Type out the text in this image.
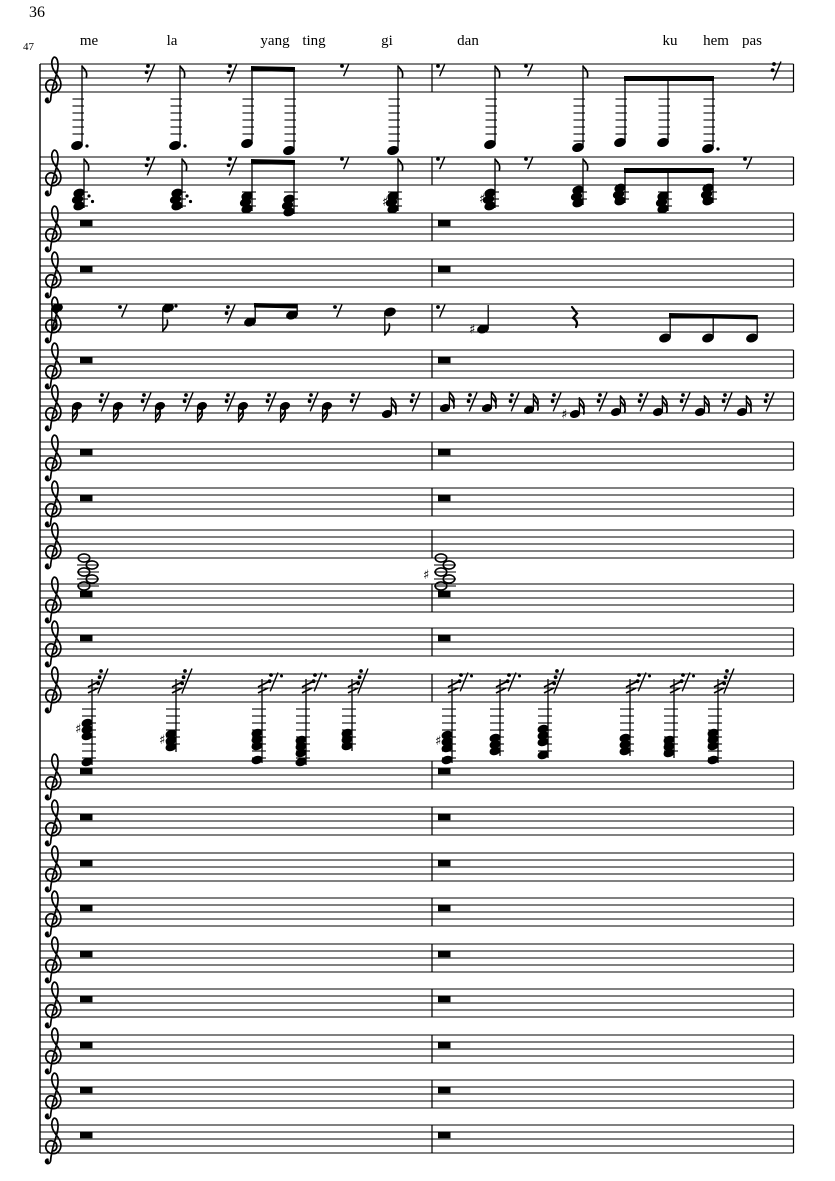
36
47	me	la	yang ting	gi	dan	ku hem pas
♯	♯
♯
♯
♯
♯
♯	♯
